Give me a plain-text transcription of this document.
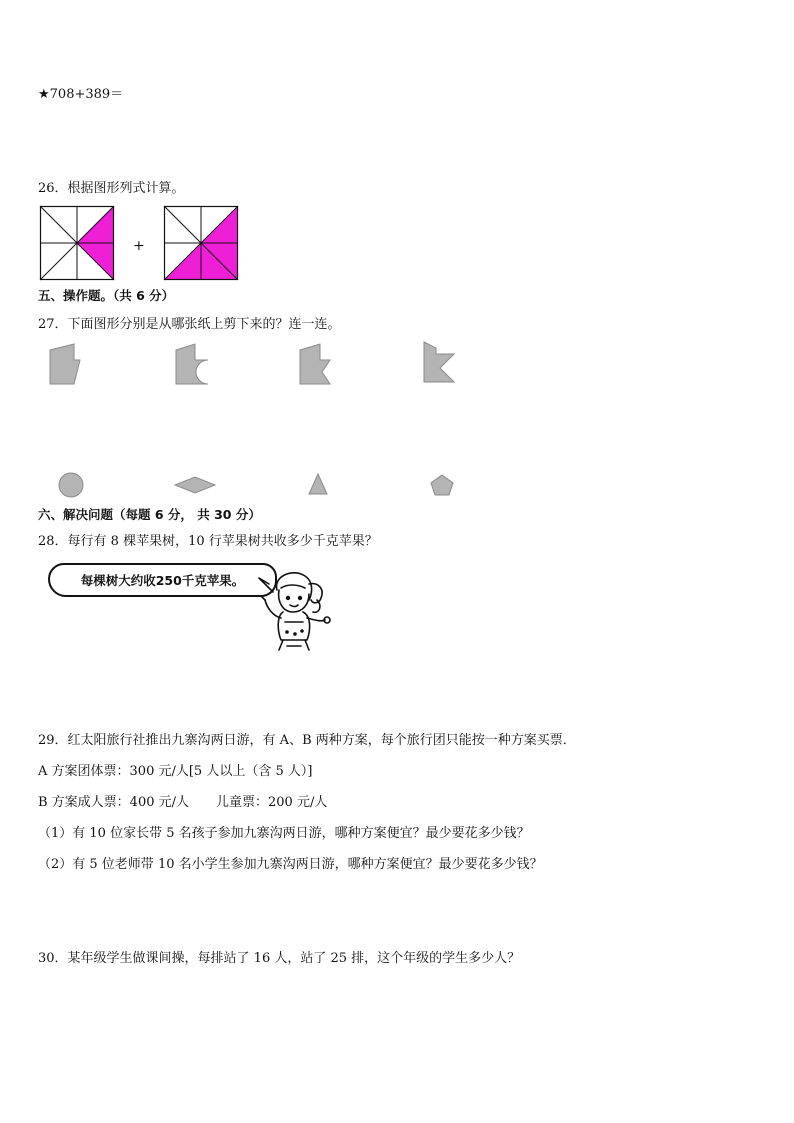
★708+389＝
26．根据图形列式计算。
+
五、操作题。（共 6 分）
27．下面图形分别是从哪张纸上剪下来的？连一连。
六、解决问题（每题 6 分， 共 30 分）
28．每行有 8 棵苹果树，10 行苹果树共收多少千克苹果？
每棵树大约收250千克苹果。
29．红太阳旅行社推出九寨沟两日游，有 A、B 两种方案，每个旅行团只能按一种方案买票．
A 方案团体票：300 元/人[5 人以上（含 5 人）]
B 方案成人票：400 元/人 儿童票：200 元/人
（1）有 10 位家长带 5 名孩子参加九寨沟两日游，哪种方案便宜？最少要花多少钱？
（2）有 5 位老师带 10 名小学生参加九寨沟两日游，哪种方案便宜？最少要花多少钱？
30．某年级学生做课间操，每排站了 16 人，站了 25 排，这个年级的学生多少人？
